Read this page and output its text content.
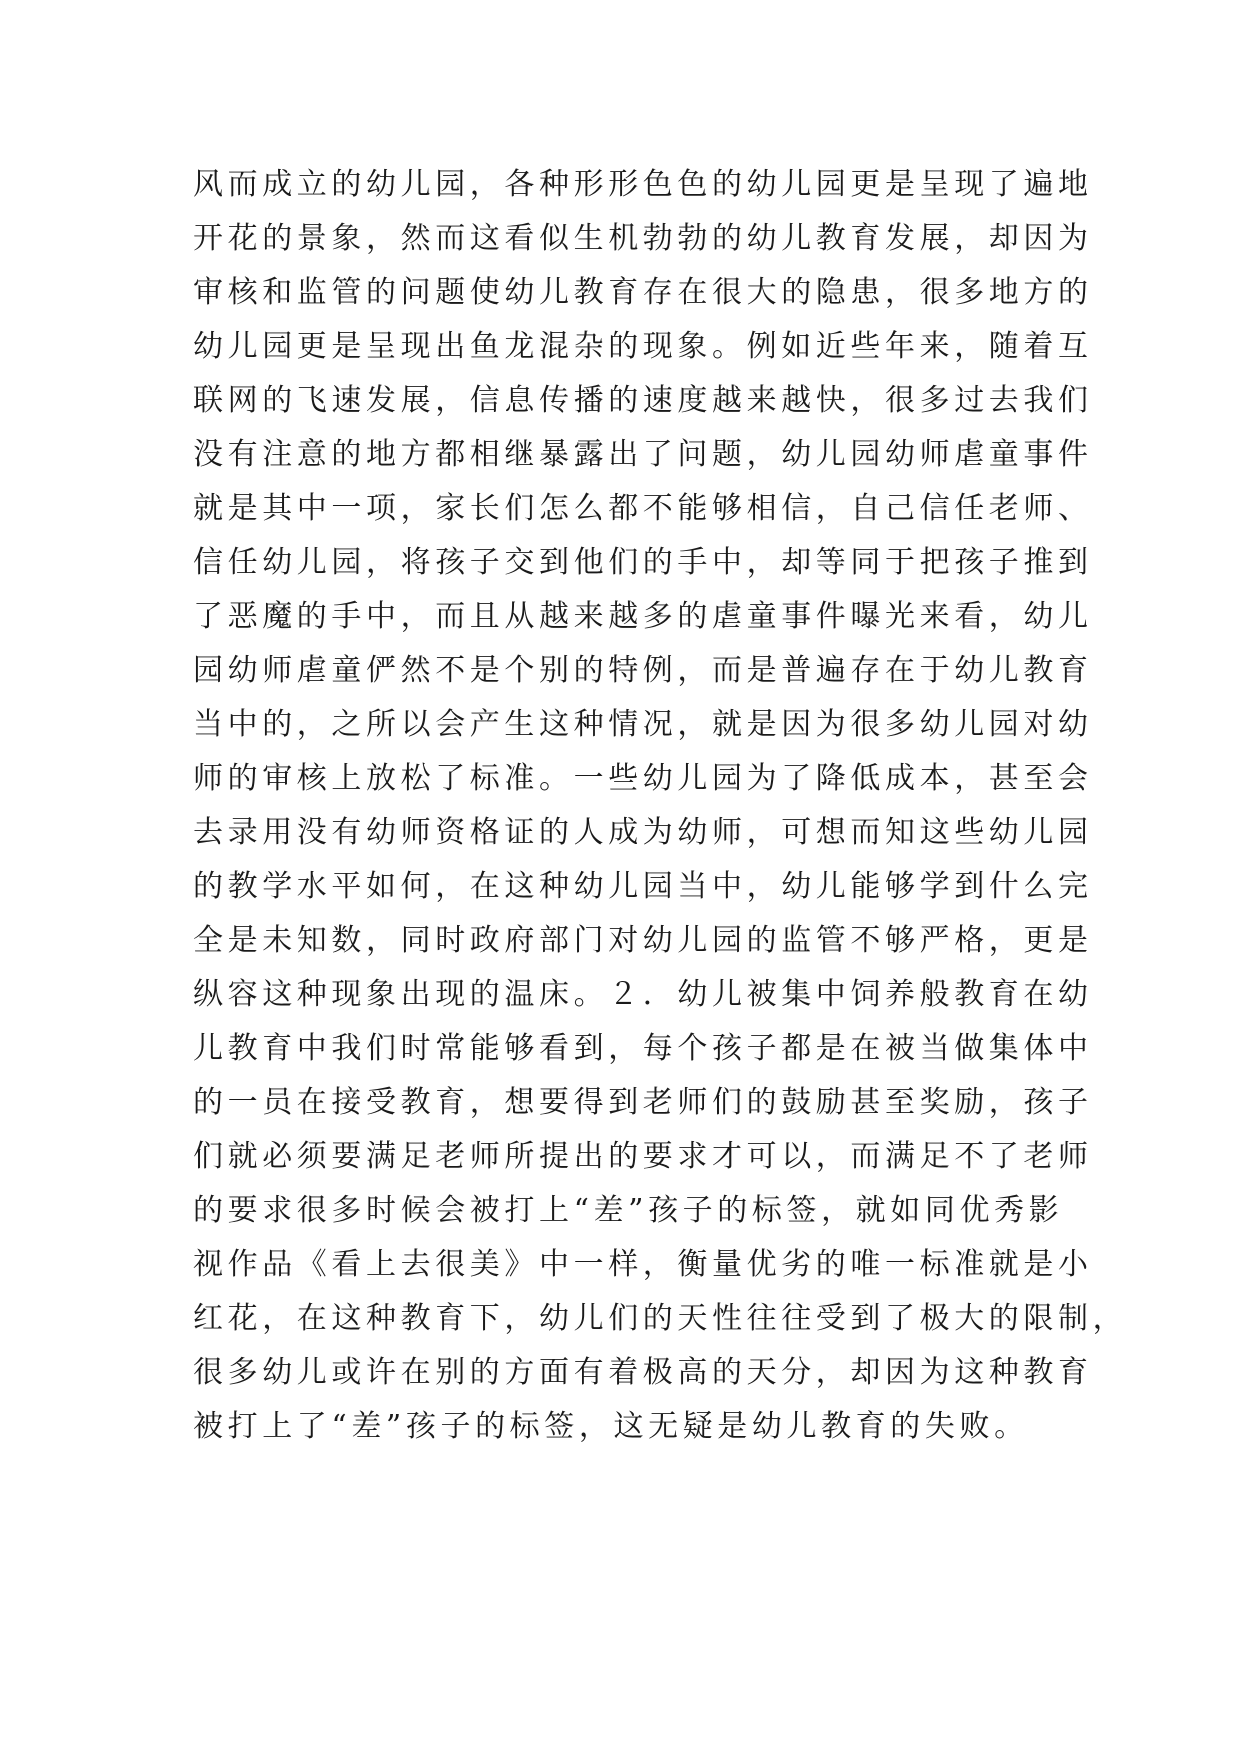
风而成立的幼儿园，各种形形色色的幼儿园更是呈现了遍地
开花的景象，然而这看似生机勃勃的幼儿教育发展，却因为
审核和监管的问题使幼儿教育存在很大的隐患，很多地方的
幼儿园更是呈现出鱼龙混杂的现象。例如近些年来，随着互
联网的飞速发展，信息传播的速度越来越快，很多过去我们
没有注意的地方都相继暴露出了问题，幼儿园幼师虐童事件
就是其中一项，家长们怎么都不能够相信，自己信任老师、
信任幼儿园，将孩子交到他们的手中，却等同于把孩子推到
了恶魔的手中，而且从越来越多的虐童事件曝光来看，幼儿
园幼师虐童俨然不是个别的特例，而是普遍存在于幼儿教育
当中的，之所以会产生这种情况，就是因为很多幼儿园对幼
师的审核上放松了标准。一些幼儿园为了降低成本，甚至会
去录用没有幼师资格证的人成为幼师，可想而知这些幼儿园
的教学水平如何，在这种幼儿园当中，幼儿能够学到什么完
全是未知数，同时政府部门对幼儿园的监管不够严格，更是
纵容这种现象出现的温床。２．幼儿被集中饲养般教育在幼
儿教育中我们时常能够看到，每个孩子都是在被当做集体中
的一员在接受教育，想要得到老师们的鼓励甚至奖励，孩子
们就必须要满足老师所提出的要求才可以，而满足不了老师
的要求很多时候会被打上“差”孩子的标签，就如同优秀影
视作品《看上去很美》中一样，衡量优劣的唯一标准就是小
红花，在这种教育下，幼儿们的天性往往受到了极大的限制，
很多幼儿或许在别的方面有着极高的天分，却因为这种教育
被打上了“差”孩子的标签，这无疑是幼儿教育的失败。
